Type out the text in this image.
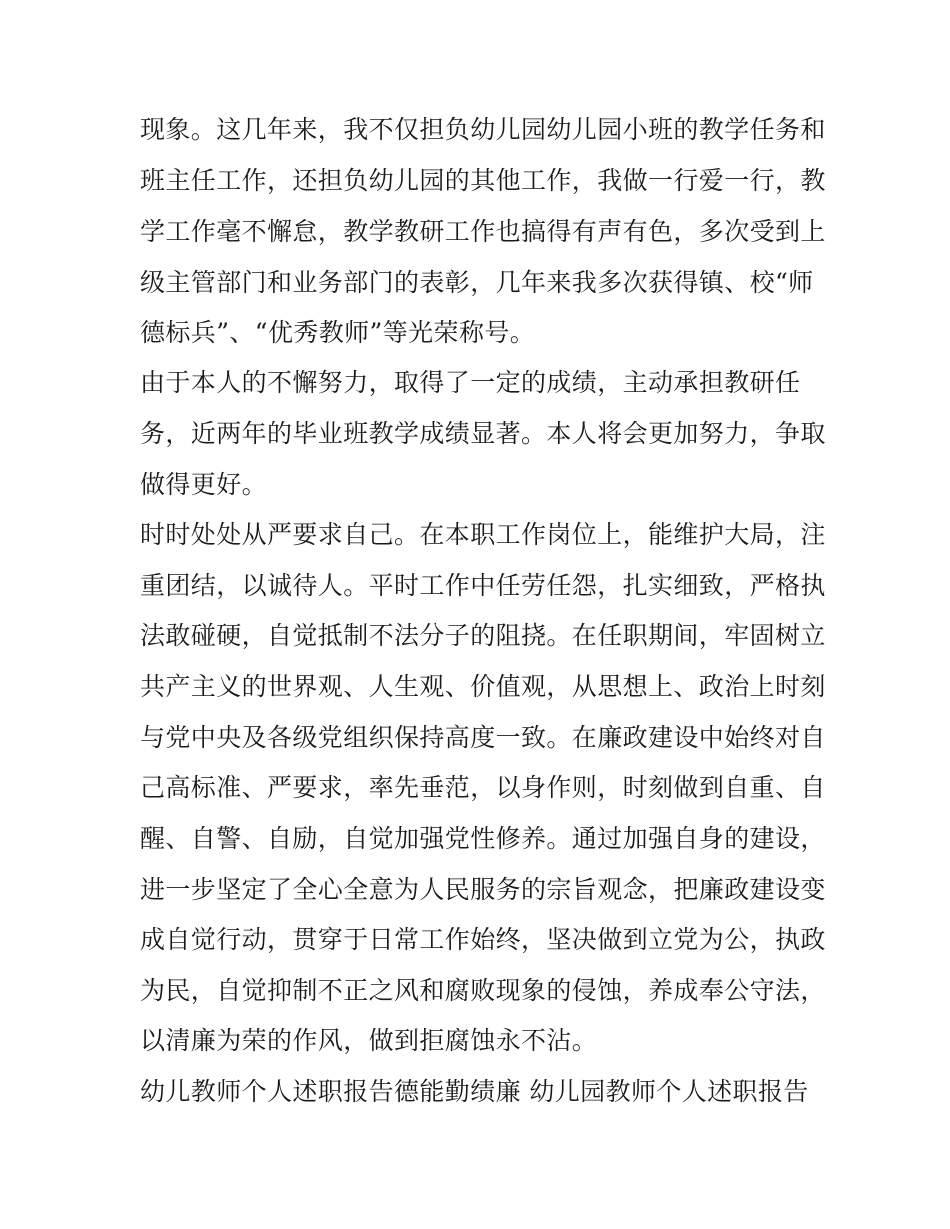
现象。这几年来，我不仅担负幼儿园幼儿园小班的教学任务和
班主任工作，还担负幼儿园的其他工作，我做一行爱一行，教
学工作毫不懈怠，教学教研工作也搞得有声有色，多次受到上
级主管部门和业务部门的表彰，几年来我多次获得镇、校“师
德标兵”、“优秀教师”等光荣称号。
由于本人的不懈努力，取得了一定的成绩，主动承担教研任
务，近两年的毕业班教学成绩显著。本人将会更加努力，争取
做得更好。
时时处处从严要求自己。在本职工作岗位上，能维护大局，注
重团结，以诚待人。平时工作中任劳任怨，扎实细致，严格执
法敢碰硬，自觉抵制不法分子的阻挠。在任职期间，牢固树立
共产主义的世界观、人生观、价值观，从思想上、政治上时刻
与党中央及各级党组织保持高度一致。在廉政建设中始终对自
己高标准、严要求，率先垂范，以身作则，时刻做到自重、自
醒、自警、自励，自觉加强党性修养。通过加强自身的建设，
进一步坚定了全心全意为人民服务的宗旨观念，把廉政建设变
成自觉行动，贯穿于日常工作始终，坚决做到立党为公，执政
为民，自觉抑制不正之风和腐败现象的侵蚀，养成奉公守法，
以清廉为荣的作风，做到拒腐蚀永不沾。
幼儿教师个人述职报告德能勤绩廉 幼儿园教师个人述职报告
